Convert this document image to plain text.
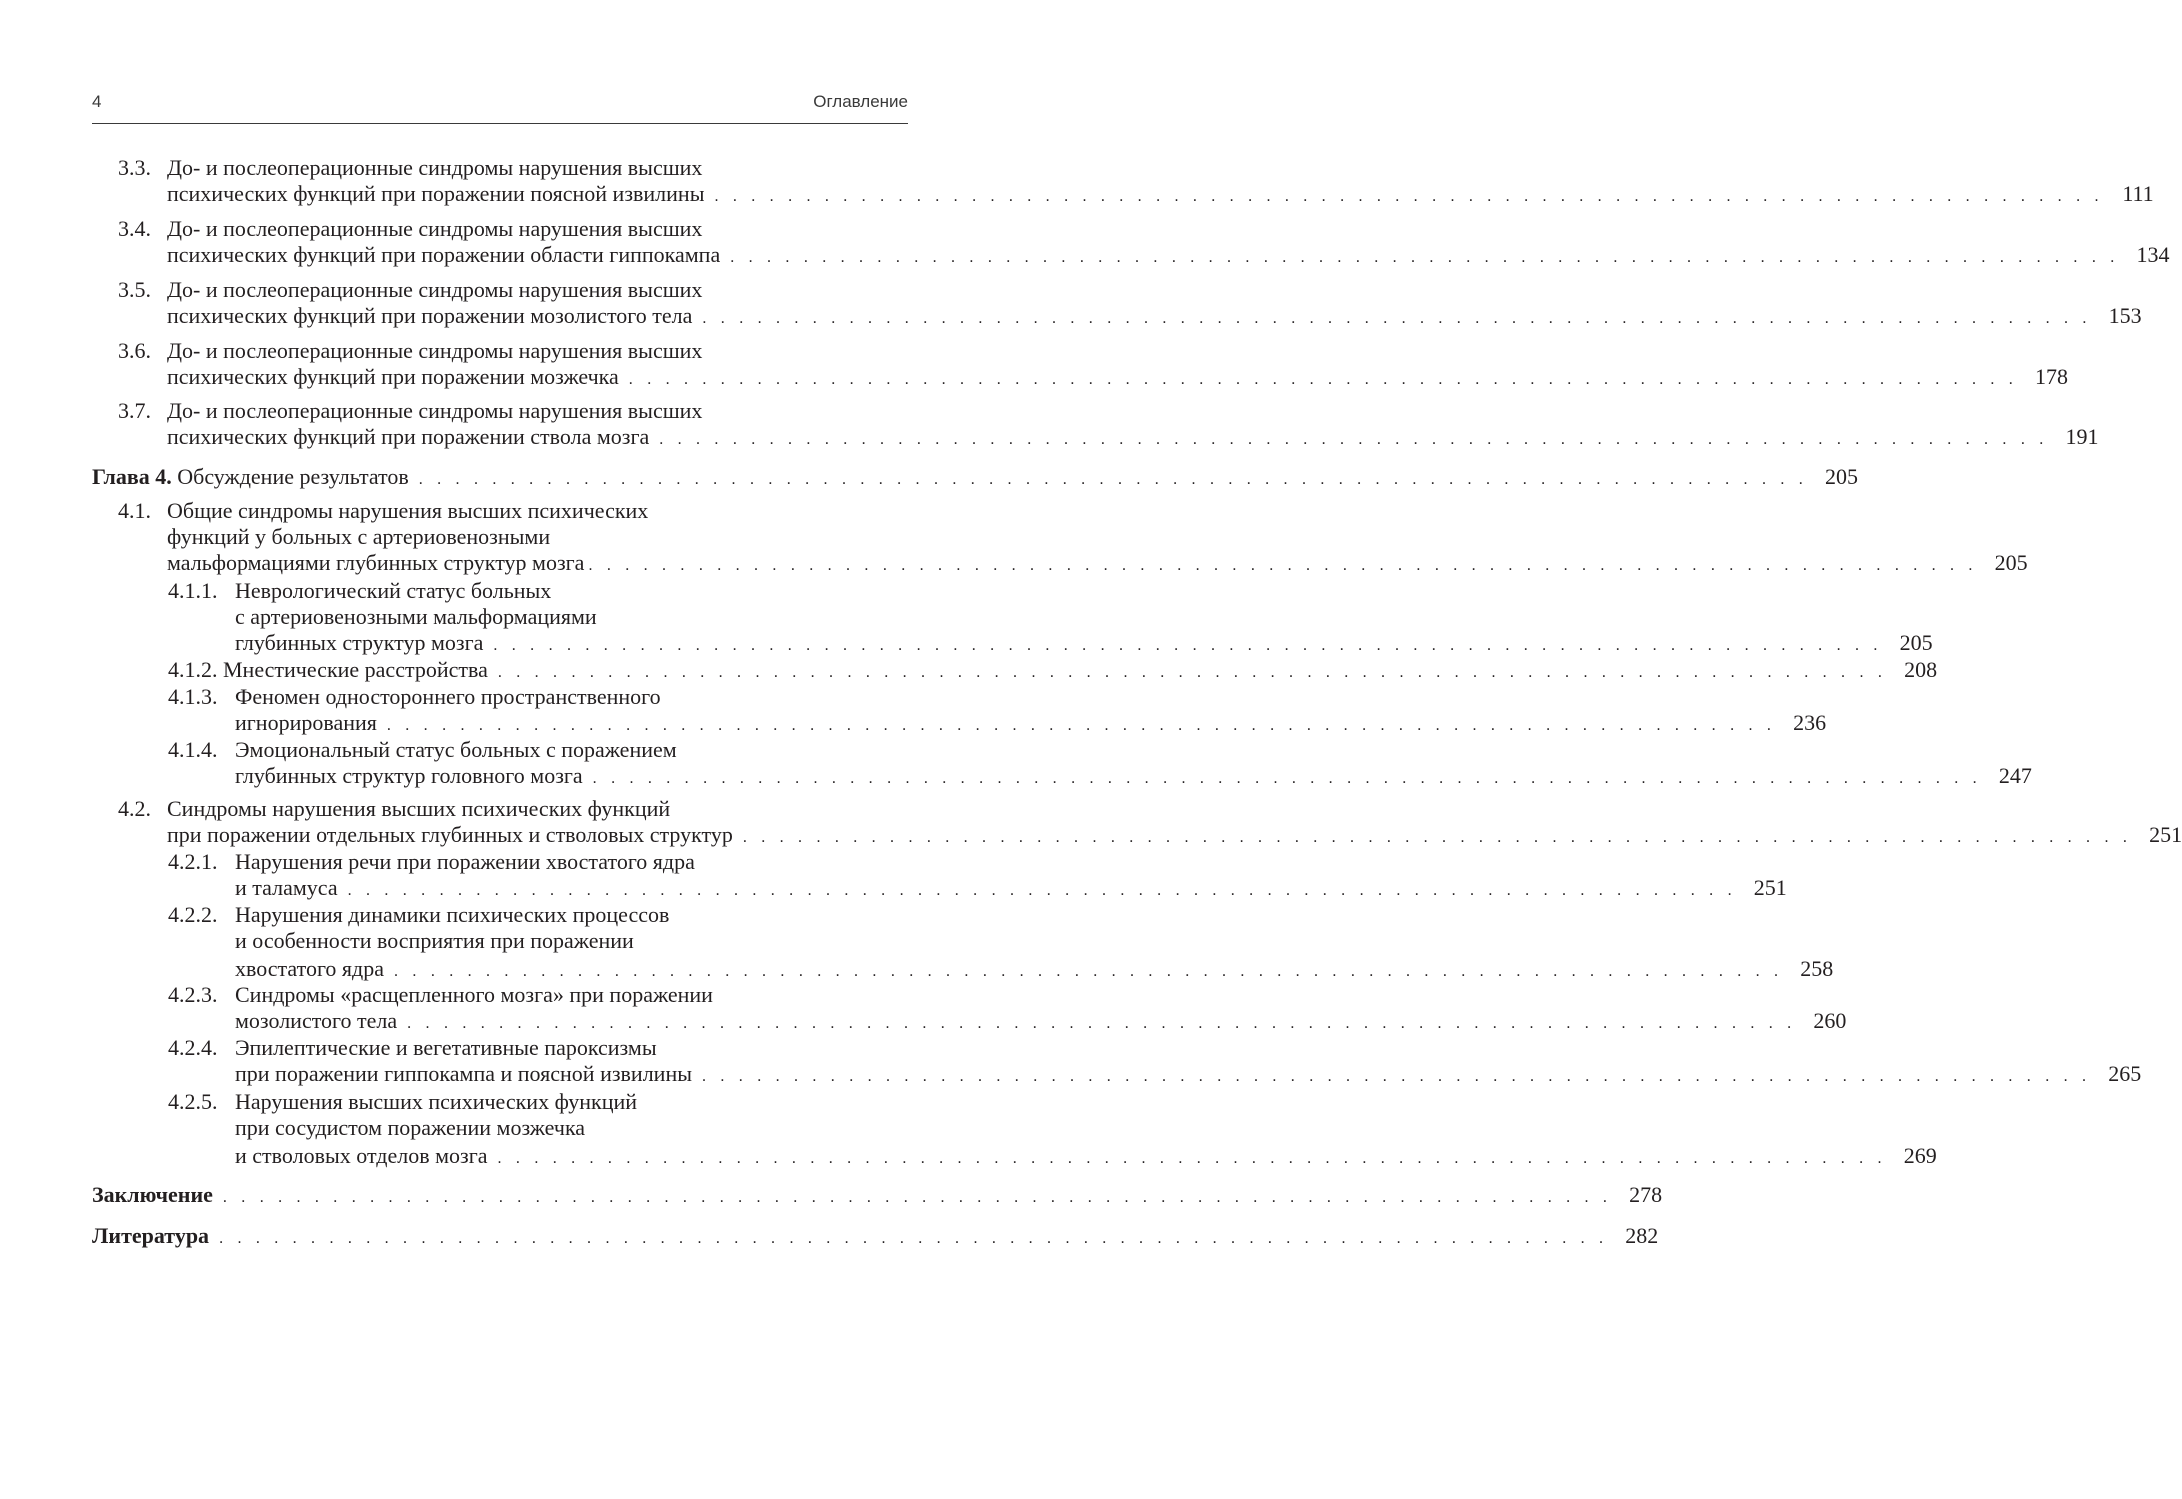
4	Оглавление
3.3. До- и послеоперационные синдромы нарушения высших
психических функций при поражении поясной извилины . . . . . . . . . . . . . . . . . . . . . . . . . . . . . . . . . . . . . . . . . . . . . . . . . . . . . . . . . . . . . . . . . . . . . . . . . . . . 111
3.4. До- и послеоперационные синдромы нарушения высших
психических функций при поражении области гиппокампа . . . . . . . . . . . . . . . . . . . . . . . . . . . . . . . . . . . . . . . . . . . . . . . . . . . . . . . . . . . . . . . . . . . . . . . . . . . . 134
3.5. До- и послеоперационные синдромы нарушения высших
психических функций при поражении мозолистого тела . . . . . . . . . . . . . . . . . . . . . . . . . . . . . . . . . . . . . . . . . . . . . . . . . . . . . . . . . . . . . . . . . . . . . . . . . . . . 153
3.6. До- и послеоперационные синдромы нарушения высших
психических функций при поражении мозжечка . . . . . . . . . . . . . . . . . . . . . . . . . . . . . . . . . . . . . . . . . . . . . . . . . . . . . . . . . . . . . . . . . . . . . . . . . . . . 178
3.7. До- и послеоперационные синдромы нарушения высших
психических функций при поражении ствола мозга . . . . . . . . . . . . . . . . . . . . . . . . . . . . . . . . . . . . . . . . . . . . . . . . . . . . . . . . . . . . . . . . . . . . . . . . . . . . 191
Глава 4. Обсуждение результатов . . . . . . . . . . . . . . . . . . . . . . . . . . . . . . . . . . . . . . . . . . . . . . . . . . . . . . . . . . . . . . . . . . . . . . . . . . . . 205
4.1. Общие синдромы нарушения высших психических
функций у больных с артериовенозными
мальформациями глубинных структур мозга . . . . . . . . . . . . . . . . . . . . . . . . . . . . . . . . . . . . . . . . . . . . . . . . . . . . . . . . . . . . . . . . . . . . . . . . . . . . 205
4.1.1. Неврологический статус больных
с артериовенозными мальформациями
глубинных структур мозга . . . . . . . . . . . . . . . . . . . . . . . . . . . . . . . . . . . . . . . . . . . . . . . . . . . . . . . . . . . . . . . . . . . . . . . . . . . . 205
4.1.2. Мнестические расстройства . . . . . . . . . . . . . . . . . . . . . . . . . . . . . . . . . . . . . . . . . . . . . . . . . . . . . . . . . . . . . . . . . . . . . . . . . . . . 208
4.1.3. Феномен одностороннего пространственного
игнорирования . . . . . . . . . . . . . . . . . . . . . . . . . . . . . . . . . . . . . . . . . . . . . . . . . . . . . . . . . . . . . . . . . . . . . . . . . . . . 236
4.1.4. Эмоциональный статус больных с поражением
глубинных структур головного мозга . . . . . . . . . . . . . . . . . . . . . . . . . . . . . . . . . . . . . . . . . . . . . . . . . . . . . . . . . . . . . . . . . . . . . . . . . . . . 247
4.2. Синдромы нарушения высших психических функций
при поражении отдельных глубинных и стволовых структур . . . . . . . . . . . . . . . . . . . . . . . . . . . . . . . . . . . . . . . . . . . . . . . . . . . . . . . . . . . . . . . . . . . . . . . . . . . . 251
4.2.1. Нарушения речи при поражении хвостатого ядра
и таламуса . . . . . . . . . . . . . . . . . . . . . . . . . . . . . . . . . . . . . . . . . . . . . . . . . . . . . . . . . . . . . . . . . . . . . . . . . . . . 251
4.2.2. Нарушения динамики психических процессов
и особенности восприятия при поражении
хвостатого ядра . . . . . . . . . . . . . . . . . . . . . . . . . . . . . . . . . . . . . . . . . . . . . . . . . . . . . . . . . . . . . . . . . . . . . . . . . . . . 258
4.2.3. Синдромы «расщепленного мозга» при поражении
мозолистого тела . . . . . . . . . . . . . . . . . . . . . . . . . . . . . . . . . . . . . . . . . . . . . . . . . . . . . . . . . . . . . . . . . . . . . . . . . . . . 260
4.2.4. Эпилептические и вегетативные пароксизмы
при поражении гиппокампа и поясной извилины . . . . . . . . . . . . . . . . . . . . . . . . . . . . . . . . . . . . . . . . . . . . . . . . . . . . . . . . . . . . . . . . . . . . . . . . . . . . 265
4.2.5. Нарушения высших психических функций
при сосудистом поражении мозжечка
и стволовых отделов мозга . . . . . . . . . . . . . . . . . . . . . . . . . . . . . . . . . . . . . . . . . . . . . . . . . . . . . . . . . . . . . . . . . . . . . . . . . . . . 269
Заключение . . . . . . . . . . . . . . . . . . . . . . . . . . . . . . . . . . . . . . . . . . . . . . . . . . . . . . . . . . . . . . . . . . . . . . . . . . . . 278
Литература . . . . . . . . . . . . . . . . . . . . . . . . . . . . . . . . . . . . . . . . . . . . . . . . . . . . . . . . . . . . . . . . . . . . . . . . . . . . 282
